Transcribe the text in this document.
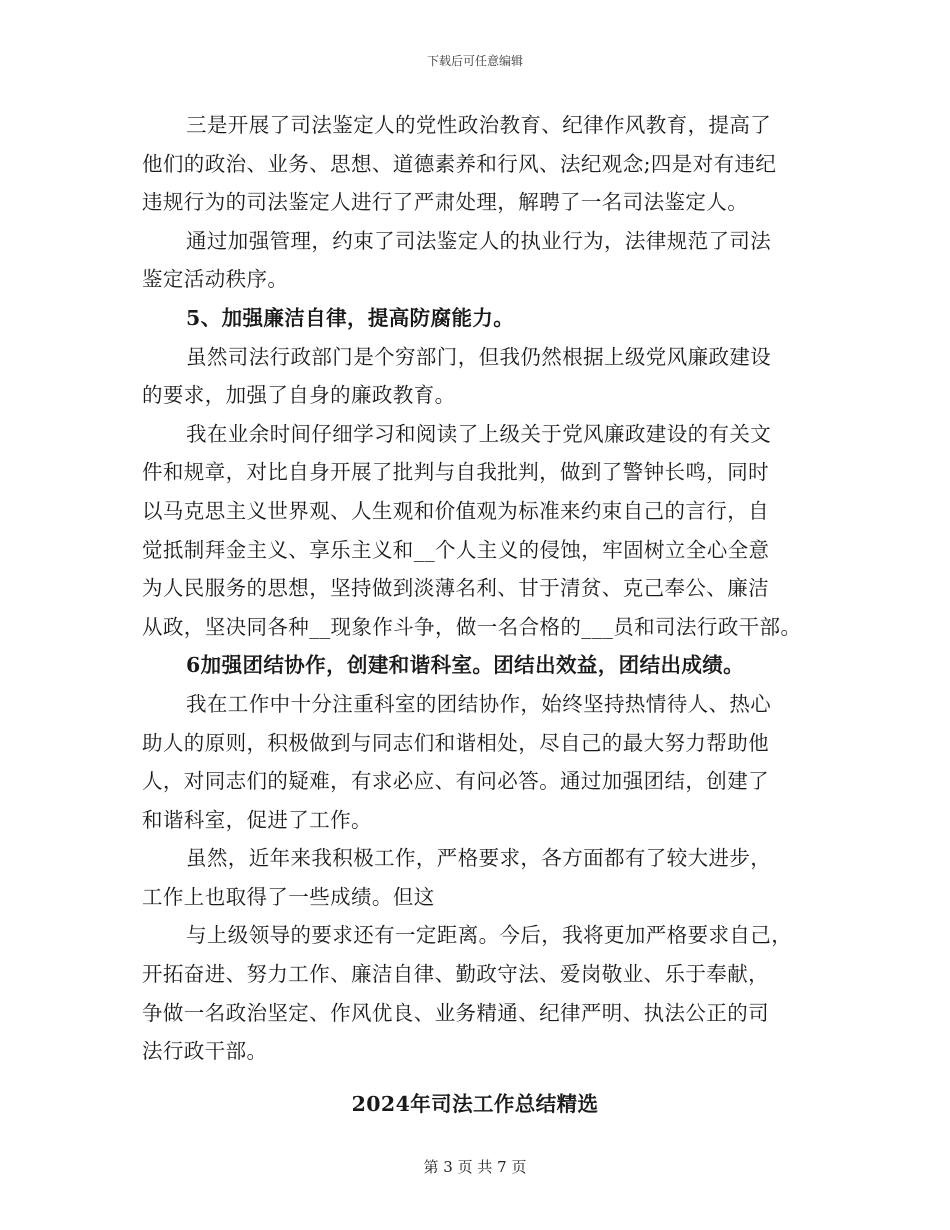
下载后可任意编辑
三是开展了司法鉴定人的党性政治教育、纪律作风教育，提高了
他们的政治、业务、思想、道德素养和行风、法纪观念;四是对有违纪
违规行为的司法鉴定人进行了严肃处理，解聘了一名司法鉴定人。
通过加强管理，约束了司法鉴定人的执业行为，法律规范了司法
鉴定活动秩序。
5、加强廉洁自律，提高防腐能力。
虽然司法行政部门是个穷部门，但我仍然根据上级党风廉政建设
的要求，加强了自身的廉政教育。
我在业余时间仔细学习和阅读了上级关于党风廉政建设的有关文
件和规章，对比自身开展了批判与自我批判，做到了警钟长鸣，同时
以马克思主义世界观、人生观和价值观为标准来约束自己的言行，自
觉抵制拜金主义、享乐主义和__个人主义的侵蚀，牢固树立全心全意
为人民服务的思想，坚持做到淡薄名利、甘于清贫、克己奉公、廉洁
从政，坚决同各种__现象作斗争，做一名合格的___员和司法行政干部。
6加强团结协作，创建和谐科室。团结出效益，团结出成绩。
我在工作中十分注重科室的团结协作，始终坚持热情待人、热心
助人的原则，积极做到与同志们和谐相处，尽自己的最大努力帮助他
人，对同志们的疑难，有求必应、有问必答。通过加强团结，创建了
和谐科室，促进了工作。
虽然，近年来我积极工作，严格要求，各方面都有了较大进步，
工作上也取得了一些成绩。但这
与上级领导的要求还有一定距离。今后，我将更加严格要求自己，
开拓奋进、努力工作、廉洁自律、勤政守法、爱岗敬业、乐于奉献，
争做一名政治坚定、作风优良、业务精通、纪律严明、执法公正的司
法行政干部。
2024年司法工作总结精选
第 3 页 共 7 页
